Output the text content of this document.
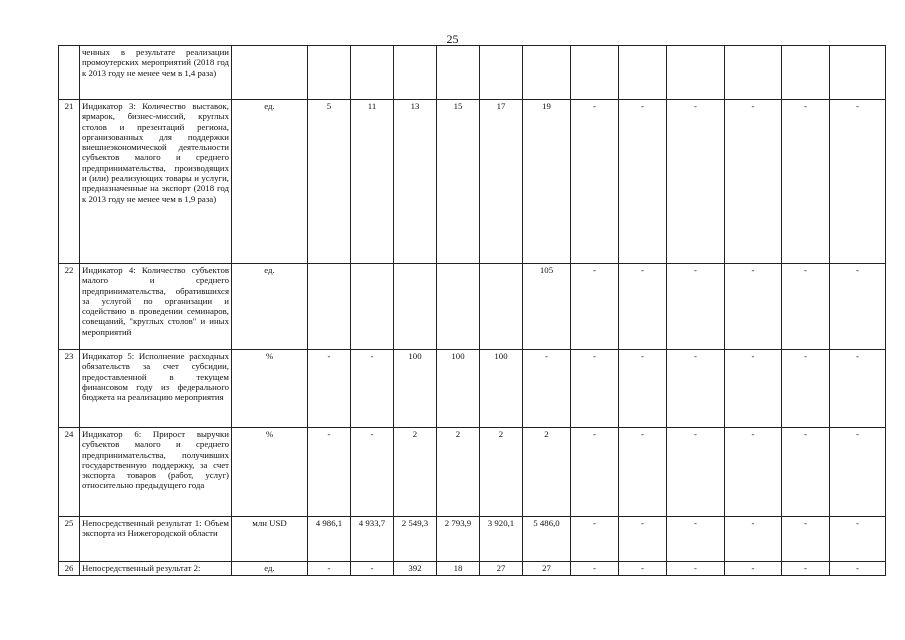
25
	ченных в результате реализации промоутерских мероприятий (2018 год к 2013 году не менее чем в 1,4 раза)													
21	Индикатор 3: Количество выставок, ярмарок, бизнес-миссий, круглых столов и презентаций региона, организованных для поддержки внешнеэкономической деятельности субъектов малого и среднего предпринимательства, производящих и (или) реализующих товары и услуги, предназначенные на экспорт (2018 год к 2013 году не менее чем в 1,9 раза)	ед.	5	11	13	15	17	19	-	-	-	-	-	-
22	Индикатор 4: Количество субъектов малого и среднего предпринимательства, обратившихся за услугой по организации и содействию в проведении семинаров, совещаний, "круглых столов" и иных мероприятий	ед.						105	-	-	-	-	-	-
23	Индикатор 5: Исполнение расходных обязательств за счет субсидии, предоставленной в текущем финансовом году из федерального бюджета на реализацию мероприятия	%	-	-	100	100	100	-	-	-	-	-	-	-
24	Индикатор 6: Прирост выручки субъектов малого и среднего предпринимательства, получивших государственную поддержку, за счет экспорта товаров (работ, услуг) относительно предыдущего года	%	-	-	2	2	2	2	-	-	-	-	-	-
25	Непосредственный результат 1: Объем экспорта из Нижегородской области	млн USD	4 986,1	4 933,7	2 549,3	2 793,9	3 920,1	5 486,0	-	-	-	-	-	-
26	Непосредственный результат 2:	ед.	-	-	392	18	27	27	-	-	-	-	-	-
